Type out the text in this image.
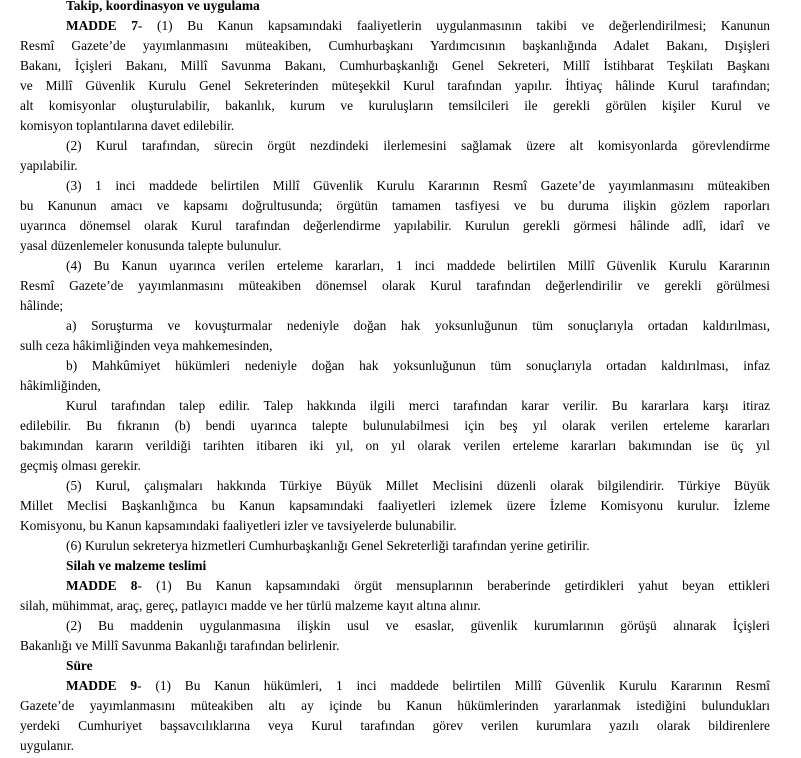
Takip, koordinasyon ve uygulama
MADDE 7- (1) Bu Kanun kapsamındaki faaliyetlerin uygulanmasının takibi ve değerlendirilmesi; Kanunun
Resmî Gazete’de yayımlanmasını müteakiben, Cumhurbaşkanı Yardımcısının başkanlığında Adalet Bakanı, Dışişleri
Bakanı, İçişleri Bakanı, Millî Savunma Bakanı, Cumhurbaşkanlığı Genel Sekreteri, Millî İstihbarat Teşkilatı Başkanı
ve Millî Güvenlik Kurulu Genel Sekreterinden müteşekkil Kurul tarafından yapılır. İhtiyaç hâlinde Kurul tarafından;
alt komisyonlar oluşturulabilir, bakanlık, kurum ve kuruluşların temsilcileri ile gerekli görülen kişiler Kurul ve
komisyon toplantılarına davet edilebilir.
(2) Kurul tarafından, sürecin örgüt nezdindeki ilerlemesini sağlamak üzere alt komisyonlarda görevlendirme
yapılabilir.
(3) 1 inci maddede belirtilen Millî Güvenlik Kurulu Kararının Resmî Gazete’de yayımlanmasını müteakiben
bu Kanunun amacı ve kapsamı doğrultusunda; örgütün tamamen tasfiyesi ve bu duruma ilişkin gözlem raporları
uyarınca dönemsel olarak Kurul tarafından değerlendirme yapılabilir. Kurulun gerekli görmesi hâlinde adlî, idarî ve
yasal düzenlemeler konusunda talepte bulunulur.
(4) Bu Kanun uyarınca verilen erteleme kararları, 1 inci maddede belirtilen Millî Güvenlik Kurulu Kararının
Resmî Gazete’de yayımlanmasını müteakiben dönemsel olarak Kurul tarafından değerlendirilir ve gerekli görülmesi
hâlinde;
a) Soruşturma ve kovuşturmalar nedeniyle doğan hak yoksunluğunun tüm sonuçlarıyla ortadan kaldırılması,
sulh ceza hâkimliğinden veya mahkemesinden,
b) Mahkûmiyet hükümleri nedeniyle doğan hak yoksunluğunun tüm sonuçlarıyla ortadan kaldırılması, infaz
hâkimliğinden,
Kurul tarafından talep edilir. Talep hakkında ilgili merci tarafından karar verilir. Bu kararlara karşı itiraz
edilebilir. Bu fıkranın (b) bendi uyarınca talepte bulunulabilmesi için beş yıl olarak verilen erteleme kararları
bakımından kararın verildiği tarihten itibaren iki yıl, on yıl olarak verilen erteleme kararları bakımından ise üç yıl
geçmiş olması gerekir.
(5) Kurul, çalışmaları hakkında Türkiye Büyük Millet Meclisini düzenli olarak bilgilendirir. Türkiye Büyük
Millet Meclisi Başkanlığınca bu Kanun kapsamındaki faaliyetleri izlemek üzere İzleme Komisyonu kurulur. İzleme
Komisyonu, bu Kanun kapsamındaki faaliyetleri izler ve tavsiyelerde bulunabilir.
(6) Kurulun sekreterya hizmetleri Cumhurbaşkanlığı Genel Sekreterliği tarafından yerine getirilir.
Silah ve malzeme teslimi
MADDE 8- (1) Bu Kanun kapsamındaki örgüt mensuplarının beraberinde getirdikleri yahut beyan ettikleri
silah, mühimmat, araç, gereç, patlayıcı madde ve her türlü malzeme kayıt altına alınır.
(2) Bu maddenin uygulanmasına ilişkin usul ve esaslar, güvenlik kurumlarının görüşü alınarak İçişleri
Bakanlığı ve Millî Savunma Bakanlığı tarafından belirlenir.
Süre
MADDE 9- (1) Bu Kanun hükümleri, 1 inci maddede belirtilen Millî Güvenlik Kurulu Kararının Resmî
Gazete’de yayımlanmasını müteakiben altı ay içinde bu Kanun hükümlerinden yararlanmak istediğini bulundukları
yerdeki Cumhuriyet başsavcılıklarına veya Kurul tarafından görev verilen kurumlara yazılı olarak bildirenlere
uygulanır.
